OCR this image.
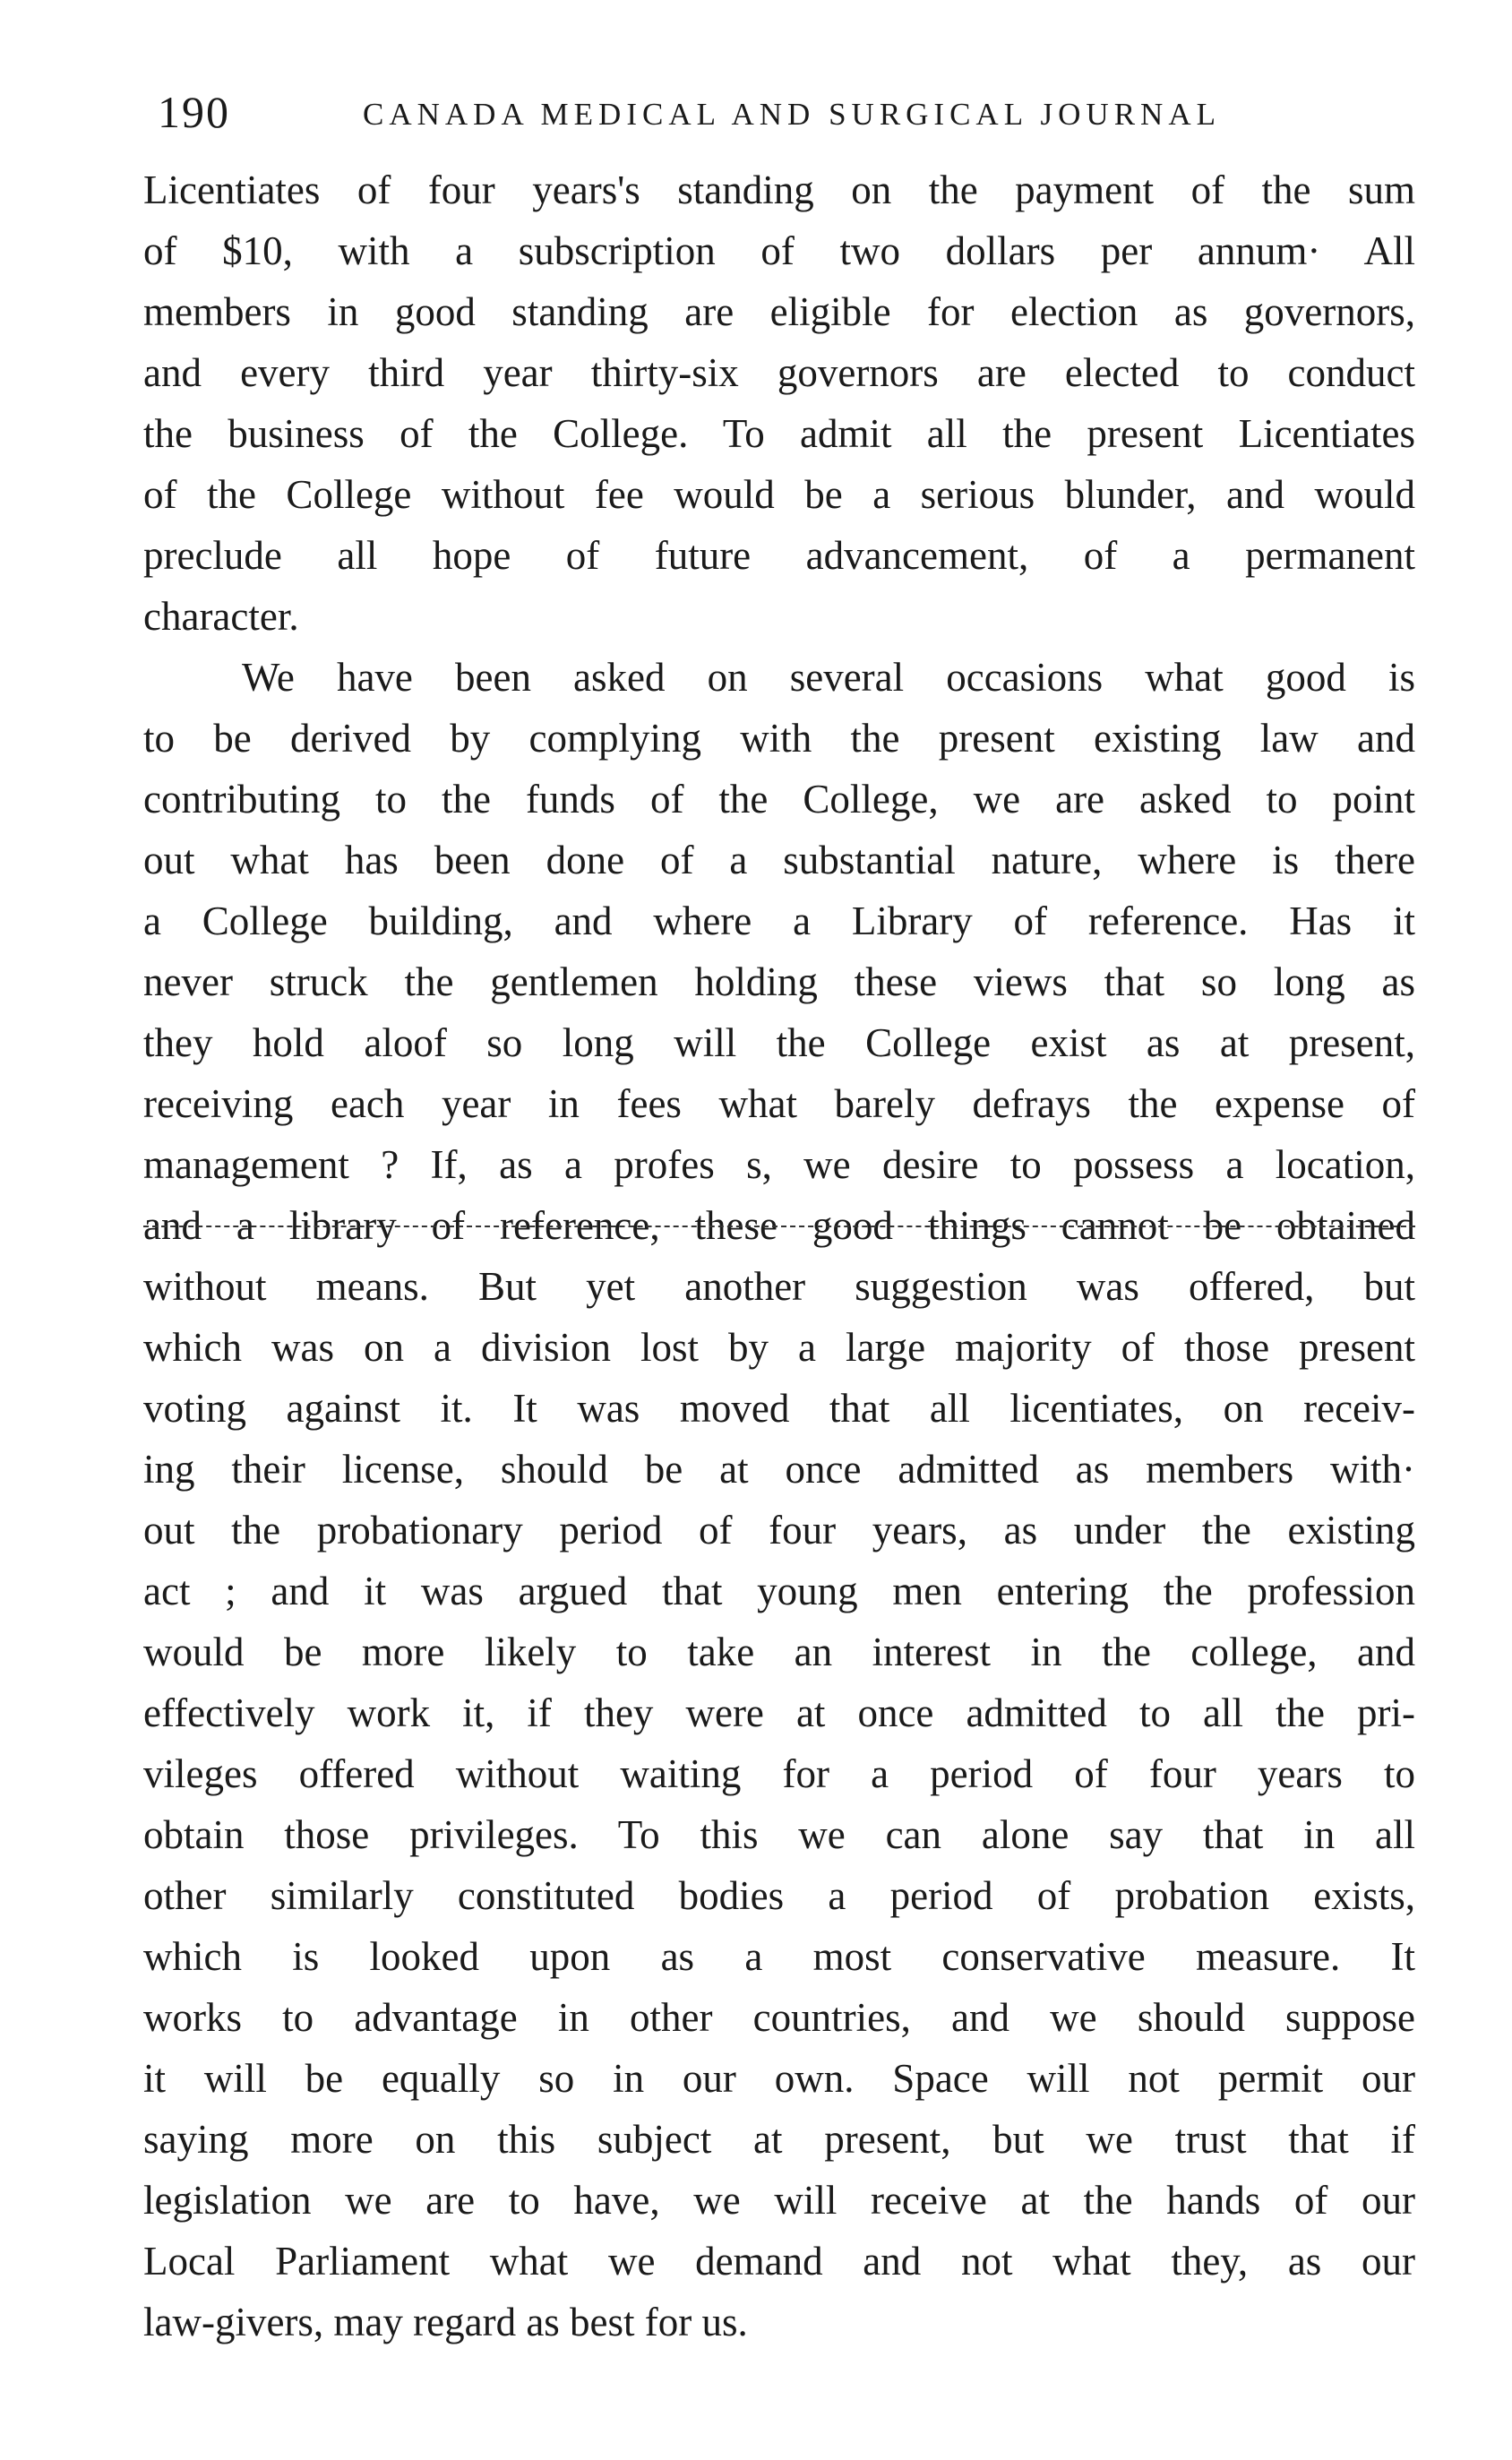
190	CANADA MEDICAL AND SURGICAL JOURNAL
Licentiates of four years's standing on the payment of the sum
of $10, with a subscription of two dollars per annum· All
members in good standing are eligible for election as governors,
and every third year thirty-six governors are elected to conduct
the business of the College. To admit all the present Licentiates
of the College without fee would be a serious blunder, and would
preclude all hope of future advancement, of a permanent
character.
We have been asked on several occasions what good is
to be derived by complying with the present existing law and
contributing to the funds of the College, we are asked to point
out what has been done of a substantial nature, where is there
a College building, and where a Library of reference. Has it
never struck the gentlemen holding these views that so long as
they hold aloof so long will the College exist as at present,
receiving each year in fees what barely defrays the expense of
management ? If, as a profes s, we desire to possess a location,
and a library of reference, these good things cannot be obtained
without means. But yet another suggestion was offered, but
which was on a division lost by a large majority of those present
voting against it. It was moved that all licentiates, on receiv-
ing their license, should be at once admitted as members with·
out the probationary period of four years, as under the existing
act ; and it was argued that young men entering the profession
would be more likely to take an interest in the college, and
effectively work it, if they were at once admitted to all the pri-
vileges offered without waiting for a period of four years to
obtain those privileges. To this we can alone say that in all
other similarly constituted bodies a period of probation exists,
which is looked upon as a most conservative measure. It
works to advantage in other countries, and we should suppose
it will be equally so in our own. Space will not permit our
saying more on this subject at present, but we trust that if
legislation we are to have, we will receive at the hands of our
Local Parliament what we demand and not what they, as our
law-givers, may regard as best for us.
